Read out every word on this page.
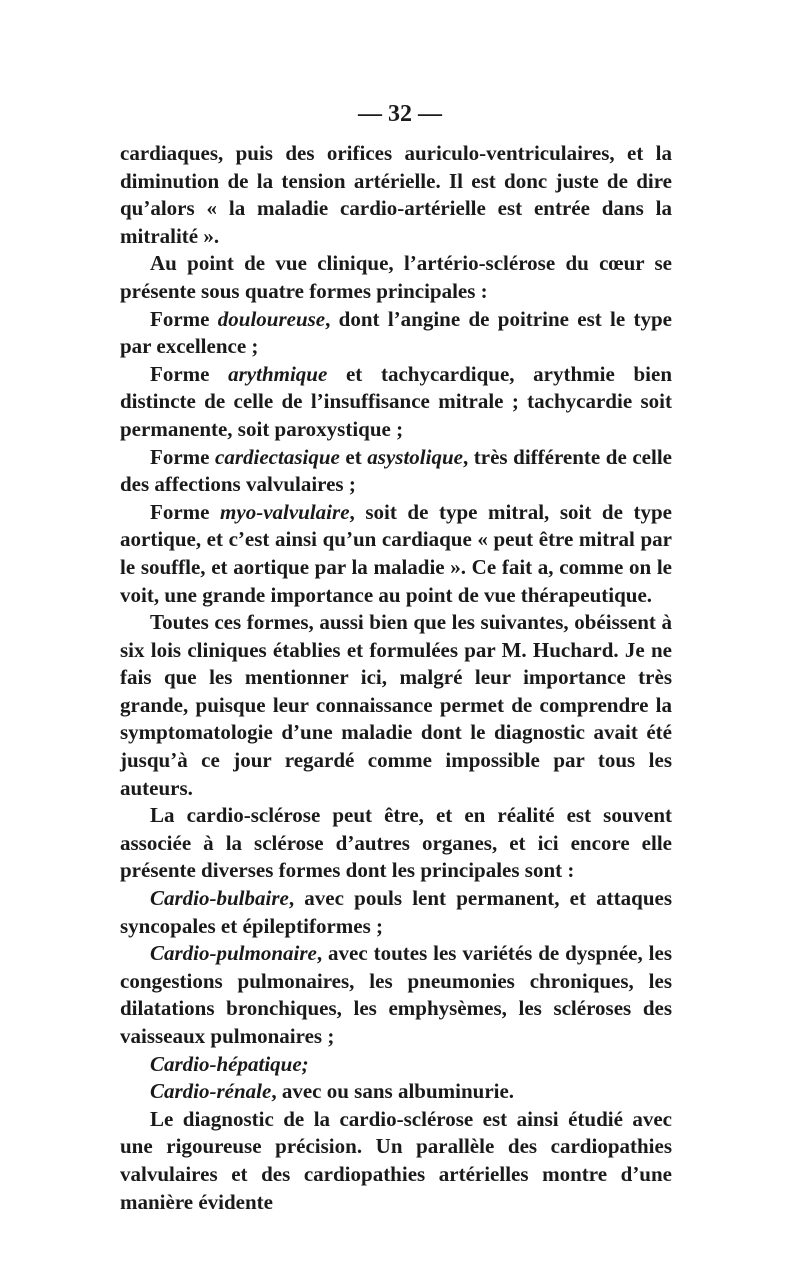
— 32 —

cardiaques, puis des orifices auriculo-ventriculaires, et la diminution de la tension artérielle. Il est donc juste de dire qu’alors « la maladie cardio-artérielle est entrée dans la mitralité ».

Au point de vue clinique, l’artério-sclérose du cœur se présente sous quatre formes principales :

Forme douloureuse, dont l’angine de poitrine est le type par excellence ;

Forme arythmique et tachycardique, arythmie bien distincte de celle de l’insuffisance mitrale ; tachycardie soit permanente, soit paroxystique ;

Forme cardiectasique et asystolique, très différente de celle des affections valvulaires ;

Forme myo-valvulaire, soit de type mitral, soit de type aortique, et c’est ainsi qu’un cardiaque « peut être mitral par le souffle, et aortique par la maladie ». Ce fait a, comme on le voit, une grande importance au point de vue thérapeutique.

Toutes ces formes, aussi bien que les suivantes, obéissent à six lois cliniques établies et formulées par M. Huchard. Je ne fais que les mentionner ici, malgré leur importance très grande, puisque leur connaissance permet de comprendre la symptomatologie d’une maladie dont le diagnostic avait été jusqu’à ce jour regardé comme impossible par tous les auteurs.

La cardio-sclérose peut être, et en réalité est souvent associée à la sclérose d’autres organes, et ici encore elle présente diverses formes dont les principales sont :

Cardio-bulbaire, avec pouls lent permanent, et attaques syncopales et épileptiformes ;

Cardio-pulmonaire, avec toutes les variétés de dyspnée, les congestions pulmonaires, les pneumonies chroniques, les dilatations bronchiques, les emphysèmes, les scléroses des vaisseaux pulmonaires ;

Cardio-hépatique;

Cardio-rénale, avec ou sans albuminurie.

Le diagnostic de la cardio-sclérose est ainsi étudié avec une rigoureuse précision. Un parallèle des cardiopathies valvulaires et des cardiopathies artérielles montre d’une manière évidente
